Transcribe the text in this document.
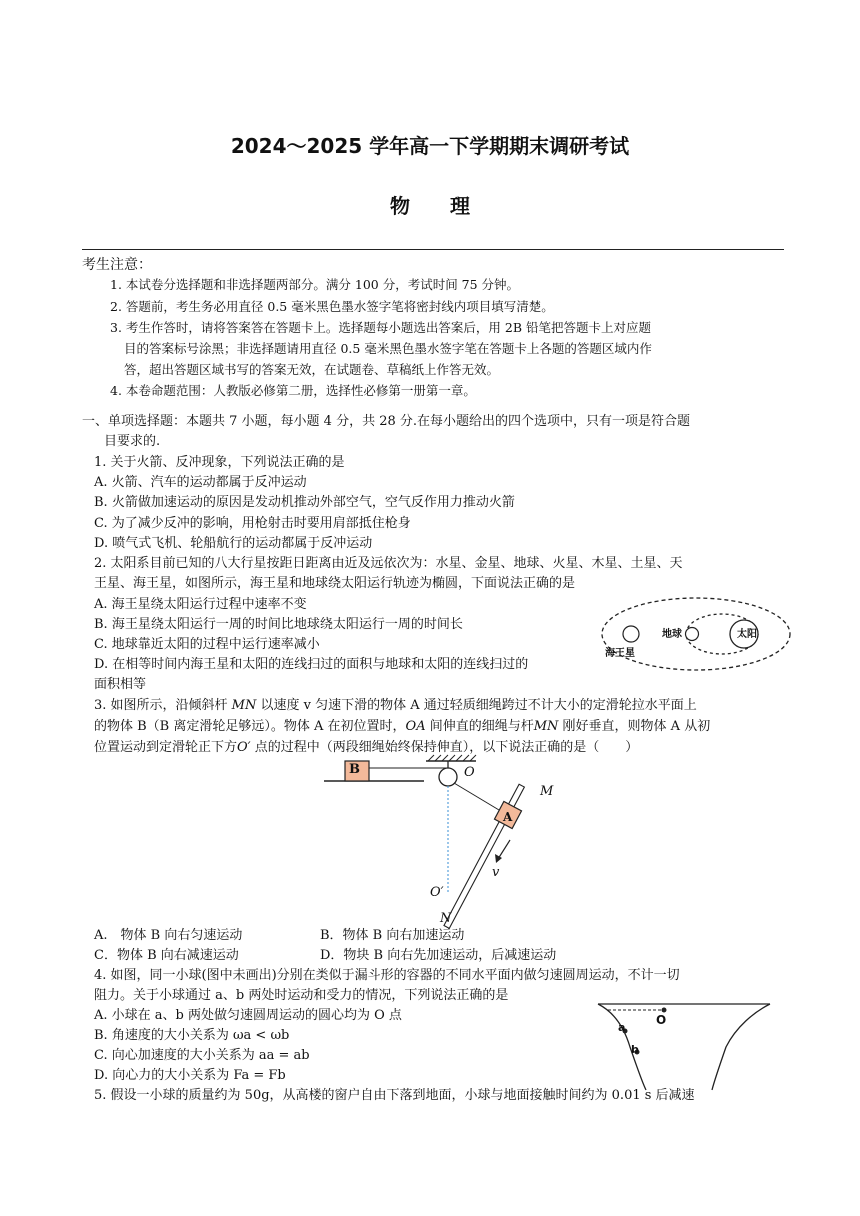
2024～2025 学年高一下学期期末调研考试
物理
考生注意：
1. 本试卷分选择题和非选择题两部分。满分 100 分，考试时间 75 分钟。
2. 答题前，考生务必用直径 0.5 毫米黑色墨水签字笔将密封线内项目填写清楚。
3. 考生作答时，请将答案答在答题卡上。选择题每小题选出答案后，用 2B 铅笔把答题卡上对应题
目的答案标号涂黑；非选择题请用直径 0.5 毫米黑色墨水签字笔在答题卡上各题的答题区域内作
答，超出答题区域书写的答案无效，在试题卷、草稿纸上作答无效。
4. 本卷命题范围：人教版必修第二册，选择性必修第一册第一章。
一、单项选择题：本题共 7 小题，每小题 4 分，共 28 分.在每小题给出的四个选项中，只有一项是符合题
目要求的.
1. 关于火箭、反冲现象，下列说法正确的是
A. 火箭、汽车的运动都属于反冲运动
B. 火箭做加速运动的原因是发动机推动外部空气，空气反作用力推动火箭
C. 为了减少反冲的影响，用枪射击时要用肩部抵住枪身
D. 喷气式飞机、轮船航行的运动都属于反冲运动
2. 太阳系目前已知的八大行星按距日距离由近及远依次为：水星、金星、地球、火星、木星、土星、天
王星、海王星，如图所示，海王星和地球绕太阳运行轨迹为椭圆，下面说法正确的是
A. 海王星绕太阳运行过程中速率不变
B. 海王星绕太阳运行一周的时间比地球绕太阳运行一周的时间长
C. 地球靠近太阳的过程中运行速率减小
D. 在相等时间内海王星和太阳的连线扫过的面积与地球和太阳的连线扫过的
面积相等
太阳
地球
海王星
3. 如图所示，沿倾斜杆 MN 以速度 v 匀速下滑的物体 A 通过轻质细绳跨过不计大小的定滑轮拉水平面上
的物体 B（B 离定滑轮足够远）。物体 A 在初位置时，OA 间伸直的细绳与杆MN 刚好垂直，则物体 A 从初
位置运动到定滑轮正下方O′ 点的过程中（两段细绳始终保持伸直），以下说法正确的是（　　）
B
A
O
O′
M
N
v
A.　物体 B 向右匀速运动	B．物体 B 向右加速运动
C．物体 B 向右减速运动	D．物块 B 向右先加速运动，后减速运动
4. 如图，同一小球(图中未画出)分别在类似于漏斗形的容器的不同水平面内做匀速圆周运动，不计一切
阻力。关于小球通过 a、b 两处时运动和受力的情况，下列说法正确的是
A. 小球在 a、b 两处做匀速圆周运动的圆心均为 O 点
B. 角速度的大小关系为 ωa < ωb
C. 向心加速度的大小关系为 aa = ab
D. 向心力的大小关系为 Fa = Fb
O
a
b
5. 假设一小球的质量约为 50g，从高楼的窗户自由下落到地面，小球与地面接触时间约为 0.01 s 后减速
